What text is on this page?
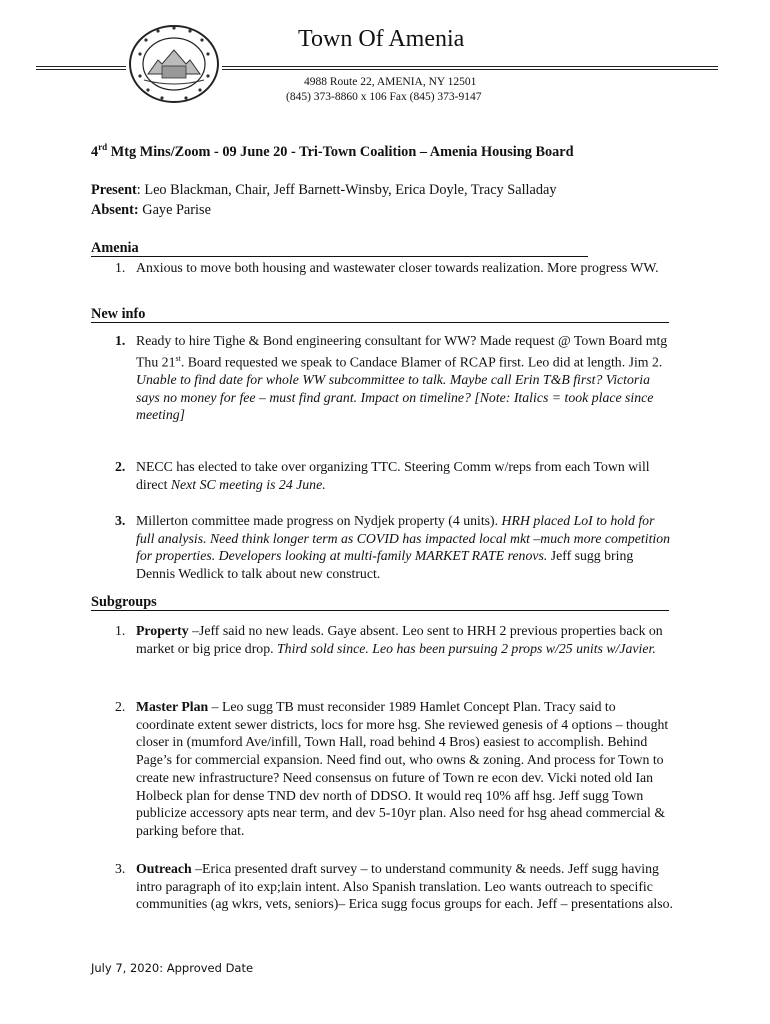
Town Of Amenia
4988 Route 22, AMENIA, NY 12501
(845) 373-8860 x 106 Fax (845) 373-9147
4rd Mtg Mins/Zoom - 09 June 20 - Tri-Town Coalition – Amenia Housing Board
Present: Leo Blackman, Chair, Jeff Barnett-Winsby, Erica Doyle, Tracy Salladay
Absent: Gaye Parise
Amenia
1. Anxious to move both housing and wastewater closer towards realization. More progress WW.
New info
1. Ready to hire Tighe & Bond engineering consultant for WW? Made request @ Town Board mtg Thu 21st. Board requested we speak to Candace Blamer of RCAP first. Leo did at length. Jim 2.
Unable to find date for whole WW subcommittee to talk. Maybe call Erin T&B first? Victoria says no money for fee – must find grant. Impact on timeline? [Note: Italics = took place since meeting]
2. NECC has elected to take over organizing TTC. Steering Comm w/reps from each Town will direct Next SC meeting is 24 June.
3. Millerton committee made progress on Nydjek property (4 units). HRH placed LoI to hold for full analysis. Need think longer term as COVID has impacted local mkt –much more competition for properties. Developers looking at multi-family MARKET RATE renovs. Jeff sugg bring Dennis Wedlick to talk about new construct.
Subgroups
1. Property –Jeff said no new leads. Gaye absent. Leo sent to HRH 2 previous properties back on market or big price drop. Third sold since. Leo has been pursuing 2 props w/25 units w/Javier.
2. Master Plan – Leo sugg TB must reconsider 1989 Hamlet Concept Plan. Tracy said to coordinate extent sewer districts, locs for more hsg. She reviewed genesis of 4 options – thought closer in (mumford Ave/infill, Town Hall, road behind 4 Bros) easiest to accomplish. Behind Page’s for commercial expansion. Need find out, who owns & zoning. And process for Town to create new infrastructure? Need consensus on future of Town re econ dev. Vicki noted old Ian Holbeck plan for dense TND dev north of DDSO. It would req 10% aff hsg. Jeff sugg Town publicize accessory apts near term, and dev 5-10yr plan. Also need for hsg ahead commercial & parking before that.
3. Outreach –Erica presented draft survey – to understand community & needs. Jeff sugg having intro paragraph of ito exp;lain intent. Also Spanish translation. Leo wants outreach to specific communities (ag wkrs, vets, seniors)– Erica sugg focus groups for each. Jeff – presentations also.
July 7, 2020: Approved Date
